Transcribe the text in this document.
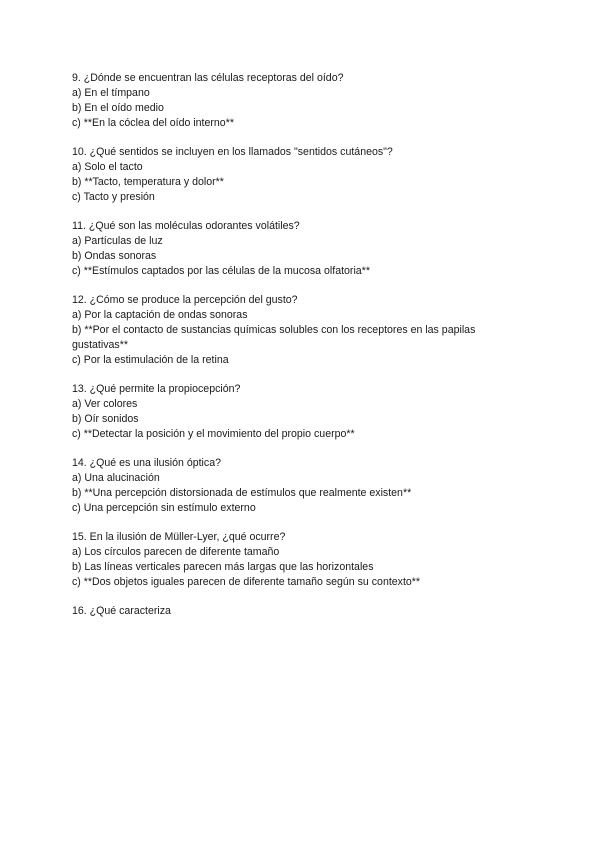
9. ¿Dónde se encuentran las células receptoras del oído?
a) En el tímpano
b) En el oído medio
c) **En la cóclea del oído interno**
10. ¿Qué sentidos se incluyen en los llamados "sentidos cutáneos"?
a) Solo el tacto
b) **Tacto, temperatura y dolor**
c) Tacto y presión
11. ¿Qué son las moléculas odorantes volátiles?
a) Partículas de luz
b) Ondas sonoras
c) **Estímulos captados por las células de la mucosa olfatoria**
12. ¿Cómo se produce la percepción del gusto?
a) Por la captación de ondas sonoras
b) **Por el contacto de sustancias químicas solubles con los receptores en las papilas gustativas**
c) Por la estimulación de la retina
13. ¿Qué permite la propiocepción?
a) Ver colores
b) Oír sonidos
c) **Detectar la posición y el movimiento del propio cuerpo**
14. ¿Qué es una ilusión óptica?
a) Una alucinación
b) **Una percepción distorsionada de estímulos que realmente existen**
c) Una percepción sin estímulo externo
15. En la ilusión de Müller-Lyer, ¿qué ocurre?
a) Los círculos parecen de diferente tamaño
b) Las líneas verticales parecen más largas que las horizontales
c) **Dos objetos iguales parecen de diferente tamaño según su contexto**
16. ¿Qué caracteriza
